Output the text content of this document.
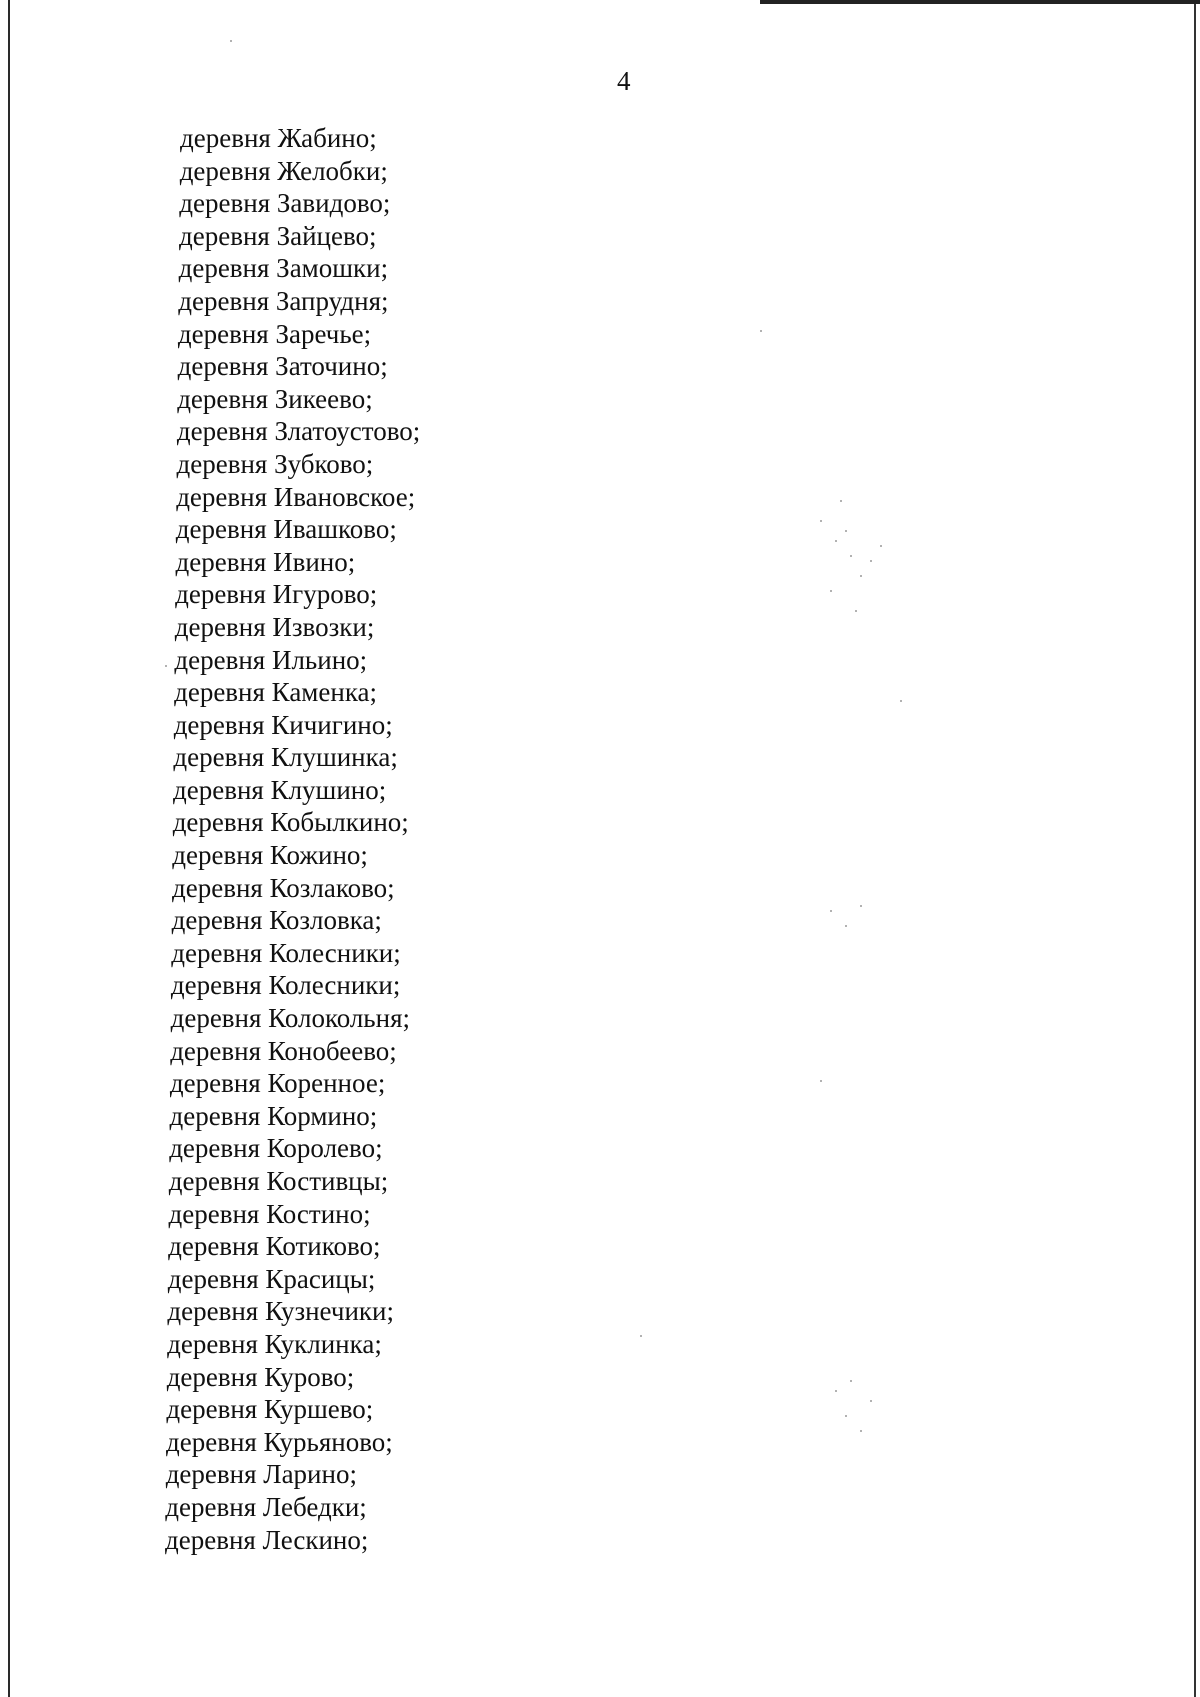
4
деревня Жабино;
деревня Желобки;
деревня Завидово;
деревня Зайцево;
деревня Замошки;
деревня Запрудня;
деревня Заречье;
деревня Заточино;
деревня Зикеево;
деревня Златоустово;
деревня Зубково;
деревня Ивановское;
деревня Ивашково;
деревня Ивино;
деревня Игурово;
деревня Извозки;
деревня Ильино;
деревня Каменка;
деревня Кичигино;
деревня Клушинка;
деревня Клушино;
деревня Кобылкино;
деревня Кожино;
деревня Козлаково;
деревня Козловка;
деревня Колесники;
деревня Колесники;
деревня Колокольня;
деревня Конобеево;
деревня Коренное;
деревня Кормино;
деревня Королево;
деревня Костивцы;
деревня Костино;
деревня Котиково;
деревня Красицы;
деревня Кузнечики;
деревня Куклинка;
деревня Курово;
деревня Куршево;
деревня Курьяново;
деревня Ларино;
деревня Лебедки;
деревня Лескино;
